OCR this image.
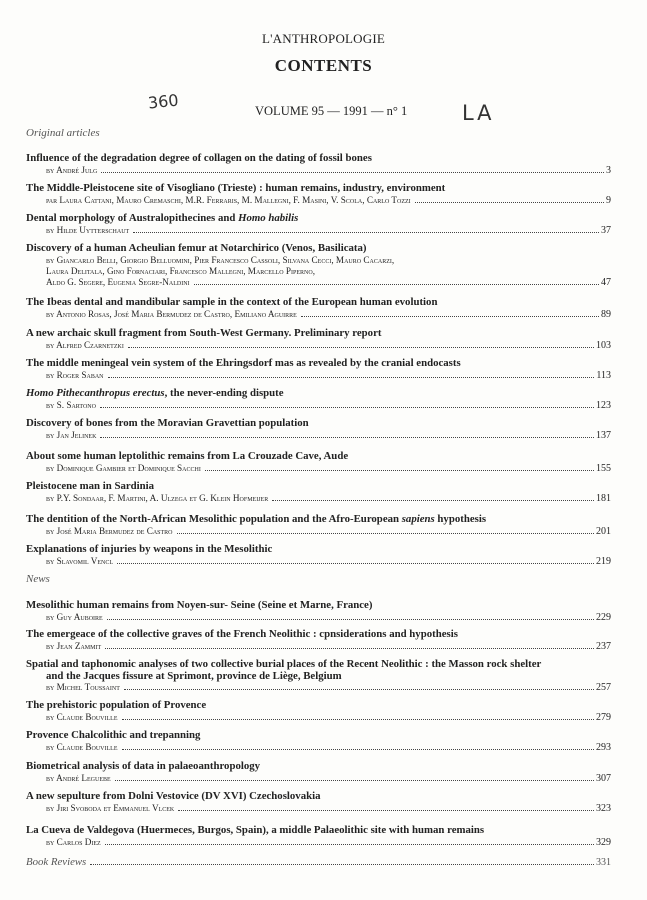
L'ANTHROPOLOGIE
CONTENTS
VOLUME 95 — 1991 — n° 1
360	LA
Original articles
Influence of the degradation degree of collagen on the dating of fossil bones
by André Julg	3
The Middle-Pleistocene site of Visogliano (Trieste) : human remains, industry, environment
par Laura Cattani, Mauro Cremaschi, M.R. Ferraris, M. Mallegni, F. Masini, V. Scola, Carlo Tozzi	9
Dental morphology of Australopithecines and Homo habilis
by Hilde Uytterschaut	37
Discovery of a human Acheulian femur at Notarchirico (Venos, Basilicata)
by Giancarlo Belli, Giorgio Belluomini, Pier Francesco Cassoli, Silvana Cecci, Mauro Cacarzi,
Laura Delitala, Gino Fornaciari, Francesco Mallegni, Marcello Piperno,
Aldo G. Segere, Eugenia Segre-Naldini	47
The Ibeas dental and mandibular sample in the context of the European human evolution
by Antonio Rosas, José Maria Bermudez de Castro, Emiliano Aguirre	89
A new archaic skull fragment from South-West Germany. Preliminary report
by Alfred Czarnetzki	103
The middle meningeal vein system of the Ehringsdorf mas as revealed by the cranial endocasts
by Roger Saban	113
Homo Pithecanthropus erectus, the never-ending dispute
by S. Sartono	123
Discovery of bones from the Moravian Gravettian population
by Jan Jelinek	137
About some human leptolithic remains from La Crouzade Cave, Aude
by Dominique Gambier et Dominique Sacchi	155
Pleistocene man in Sardinia
by P.Y. Sondaar, F. Martini, A. Ulzega et G. Klein Hofmeijer	181
The dentition of the North-African Mesolithic population and the Afro-European sapiens hypothesis
by José Maria Bermudez de Castro	201
Explanations of injuries by weapons in the Mesolithic
by Slavomil Vencl	219
News
Mesolithic human remains from Noyen-sur- Seine (Seine et Marne, France)
by Guy Auboire	229
The emergeace of the collective graves of the French Neolithic : cpnsiderations and hypothesis
by Jean Zammit	237
Spatial and taphonomic analyses of two collective burial places of the Recent Neolithic : the Masson rock shelter
and the Jacques fissure at Sprimont, province de Liège, Belgium
by Michel Toussaint	257
The prehistoric population of Provence
by Claude Bouville	279
Provence Chalcolithic and trepanning
by Claude Bouville	293
Biometrical analysis of data in palaeoanthropology
by André Leguebe	307
A new sepulture from Dolni Vestovice (DV XVI) Czechoslovakia
by Jiri Svoboda et Emmanuel Vlcek	323
La Cueva de Valdegova (Huermeces, Burgos, Spain), a middle Palaeolithic site with human remains
by Carlos Diez	329
Book Reviews	331
